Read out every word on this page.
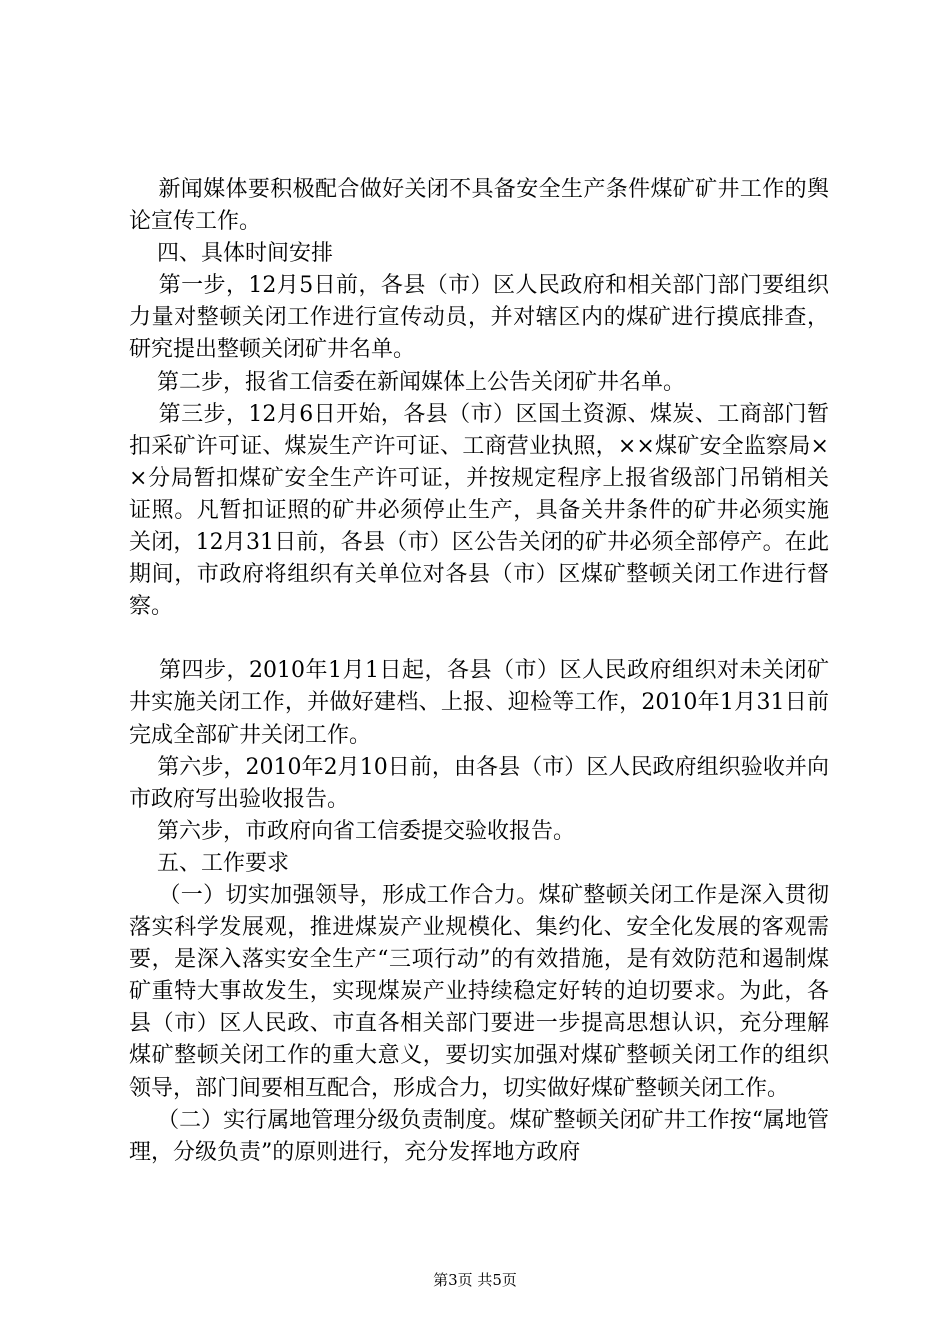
新闻媒体要积极配合做好关闭不具备安全生产条件煤矿矿井工作的舆论宣传工作。

四、具体时间安排

第一步，12月5日前，各县（市）区人民政府和相关部门部门要组织力量对整顿关闭工作进行宣传动员，并对辖区内的煤矿进行摸底排查，研究提出整顿关闭矿井名单。

第二步，报省工信委在新闻媒体上公告关闭矿井名单。

第三步，12月6日开始，各县（市）区国土资源、煤炭、工商部门暂扣采矿许可证、煤炭生产许可证、工商营业执照，××煤矿安全监察局××分局暂扣煤矿安全生产许可证，并按规定程序上报省级部门吊销相关证照。凡暂扣证照的矿井必须停止生产，具备关井条件的矿井必须实施关闭，12月31日前，各县（市）区公告关闭的矿井必须全部停产。在此期间，市政府将组织有关单位对各县（市）区煤矿整顿关闭工作进行督察。

第四步，2010年1月1日起，各县（市）区人民政府组织对未关闭矿井实施关闭工作，并做好建档、上报、迎检等工作，2010年1月31日前完成全部矿井关闭工作。

第六步，2010年2月10日前，由各县（市）区人民政府组织验收并向市政府写出验收报告。

第六步，市政府向省工信委提交验收报告。

五、工作要求

（一）切实加强领导，形成工作合力。煤矿整顿关闭工作是深入贯彻落实科学发展观，推进煤炭产业规模化、集约化、安全化发展的客观需要，是深入落实安全生产“三项行动”的有效措施，是有效防范和遏制煤矿重特大事故发生，实现煤炭产业持续稳定好转的迫切要求。为此，各县（市）区人民政、市直各相关部门要进一步提高思想认识，充分理解煤矿整顿关闭工作的重大意义，要切实加强对煤矿整顿关闭工作的组织领导，部门间要相互配合，形成合力，切实做好煤矿整顿关闭工作。

（二）实行属地管理分级负责制度。煤矿整顿关闭矿井工作按“属地管理，分级负责”的原则进行，充分发挥地方政府

第3页 共5页
